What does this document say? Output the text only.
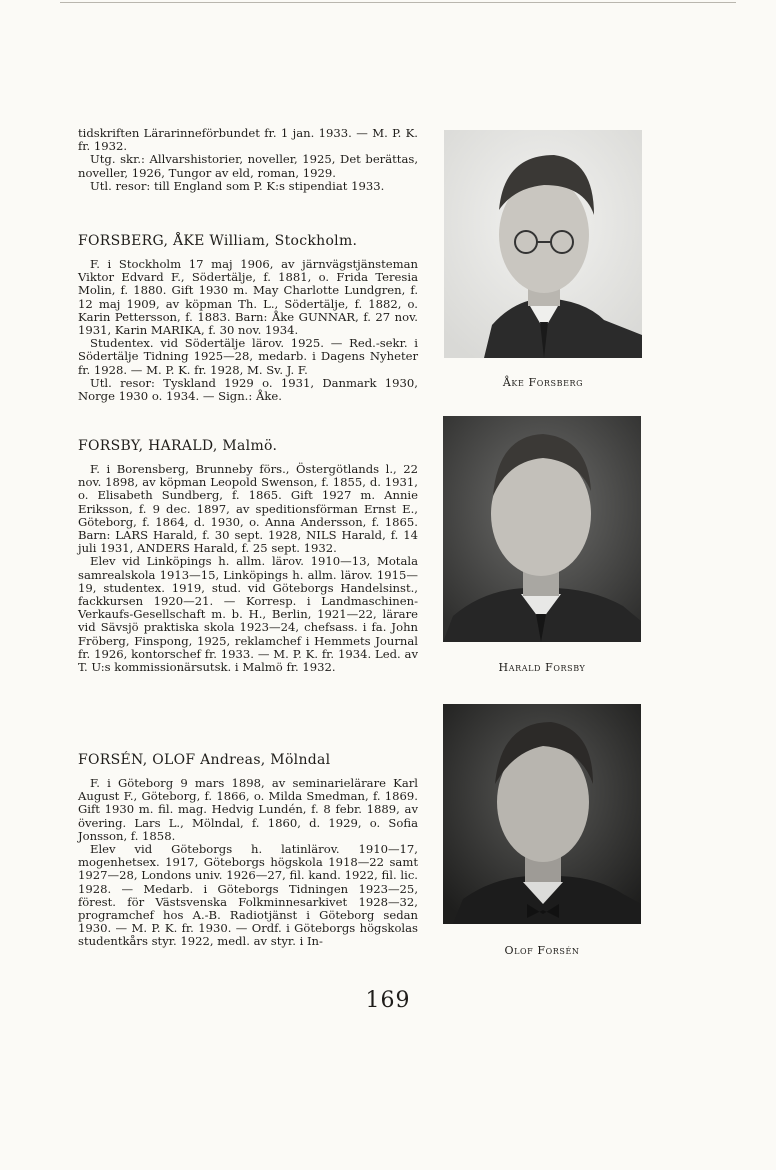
tidskriften Lärarinneförbundet fr. 1 jan. 1933. — M. P. K. fr. 1932.

Utg. skr.: Allvarshistorier, noveller, 1925, Det berättas, noveller, 1926, Tungor av eld, roman, 1929.

Utl. resor: till England som P. K:s stipendiat 1933.

FORSBERG, ÅKE William, Stockholm.

F. i Stockholm 17 maj 1906, av järnvägstjänsteman Viktor Edvard F., Södertälje, f. 1881, o. Frida Teresia Molin, f. 1880. Gift 1930 m. May Charlotte Lundgren, f. 12 maj 1909, av köpman Th. L., Södertälje, f. 1882, o. Karin Pettersson, f. 1883. Barn: Åke GUNNAR, f. 27 nov. 1931, Karin MARIKA, f. 30 nov. 1934.

Studentex. vid Södertälje lärov. 1925. — Red.-sekr. i Södertälje Tidning 1925—28, medarb. i Dagens Nyheter fr. 1928. — M. P. K. fr. 1928, M. Sv. J. F.

Utl. resor: Tyskland 1929 o. 1931, Danmark 1930, Norge 1930 o. 1934. — Sign.: Åke.

FORSBY, HARALD, Malmö.

F. i Borensberg, Brunneby förs., Östergötlands l., 22 nov. 1898, av köpman Leopold Swenson, f. 1855, d. 1931, o. Elisabeth Sundberg, f. 1865. Gift 1927 m. Annie Eriksson, f. 9 dec. 1897, av speditionsförman Ernst E., Göteborg, f. 1864, d. 1930, o. Anna Andersson, f. 1865. Barn: LARS Harald, f. 30 sept. 1928, NILS Harald, f. 14 juli 1931, ANDERS Harald, f. 25 sept. 1932.

Elev vid Linköpings h. allm. lärov. 1910—13, Motala samrealskola 1913—15, Linköpings h. allm. lärov. 1915—19, studentex. 1919, stud. vid Göteborgs Handelsinst., fackkursen 1920—21. — Korresp. i Landmaschinen-Verkaufs-Gesellschaft m. b. H., Berlin, 1921—22, lärare vid Sävsjö praktiska skola 1923—24, chefsass. i fa. John Fröberg, Finspong, 1925, reklamchef i Hemmets Journal fr. 1926, kontorschef fr. 1933. — M. P. K. fr. 1934. Led. av T. U:s kommissionärsutsk. i Malmö fr. 1932.

FORSÉN, OLOF Andreas, Mölndal

F. i Göteborg 9 mars 1898, av seminarielärare Karl August F., Göteborg, f. 1866, o. Milda Smedman, f. 1869. Gift 1930 m. fil. mag. Hedvig Lundén, f. 8 febr. 1889, av övering. Lars L., Mölndal, f. 1860, d. 1929, o. Sofia Jonsson, f. 1858.

Elev vid Göteborgs h. latinlärov. 1910—17, mogenhetsex. 1917, Göteborgs högskola 1918—22 samt 1927—28, Londons univ. 1926—27, fil. kand. 1922, fil. lic. 1928. — Medarb. i Göteborgs Tidningen 1923—25, förest. för Västsvenska Folkminnesarkivet 1928—32, programchef hos A.-B. Radiotjänst i Göteborg sedan 1930. — M. P. K. fr. 1930. — Ordf. i Göteborgs högskolas studentkårs styr. 1922, medl. av styr. i In-

Åke Forsberg
Harald Forsby
Olof Forsén
169
